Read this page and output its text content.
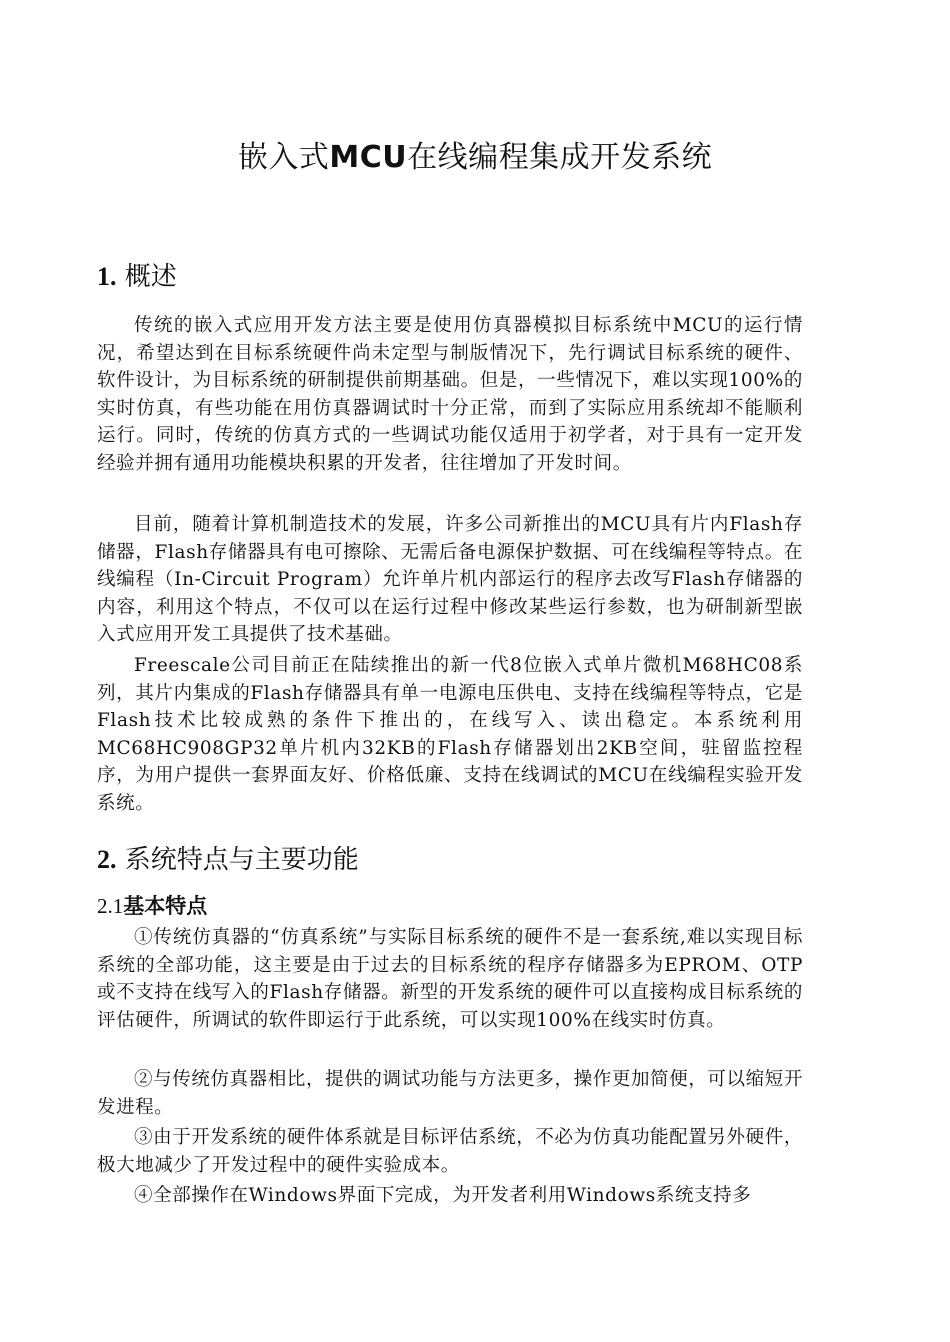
嵌入式MCU在线编程集成开发系统
1. 概述

传统的嵌入式应用开发方法主要是使用仿真器模拟目标系统中MCU的运行情况，希望达到在目标系统硬件尚未定型与制版情况下，先行调试目标系统的硬件、软件设计，为目标系统的研制提供前期基础。但是，一些情况下，难以实现100%的实时仿真，有些功能在用仿真器调试时十分正常，而到了实际应用系统却不能顺利运行。同时，传统的仿真方式的一些调试功能仅适用于初学者，对于具有一定开发经验并拥有通用功能模块积累的开发者，往往增加了开发时间。

目前，随着计算机制造技术的发展，许多公司新推出的MCU具有片内Flash存储器，Flash存储器具有电可擦除、无需后备电源保护数据、可在线编程等特点。在线编程（In-Circuit Program）允许单片机内部运行的程序去改写Flash存储器的内容，利用这个特点，不仅可以在运行过程中修改某些运行参数，也为研制新型嵌入式应用开发工具提供了技术基础。

Freescale公司目前正在陆续推出的新一代8位嵌入式单片微机M68HC08系列，其片内集成的Flash存储器具有单一电源电压供电、支持在线编程等特点，它是Flash技术比较成熟的条件下推出的，在线写入、读出稳定。本系统利用MC68HC908GP32单片机内32KB的Flash存储器划出2KB空间，驻留监控程序，为用户提供一套界面友好、价格低廉、支持在线调试的MCU在线编程实验开发系统。

2. 系统特点与主要功能
2.1基本特点

①传统仿真器的“仿真系统”与实际目标系统的硬件不是一套系统,难以实现目标系统的全部功能，这主要是由于过去的目标系统的程序存储器多为EPROM、OTP或不支持在线写入的Flash存储器。新型的开发系统的硬件可以直接构成目标系统的评估硬件，所调试的软件即运行于此系统，可以实现100%在线实时仿真。

②与传统仿真器相比，提供的调试功能与方法更多，操作更加简便，可以缩短开发进程。

③由于开发系统的硬件体系就是目标评估系统，不必为仿真功能配置另外硬件，极大地减少了开发过程中的硬件实验成本。

④全部操作在Windows界面下完成，为开发者利用Windows系统支持多
